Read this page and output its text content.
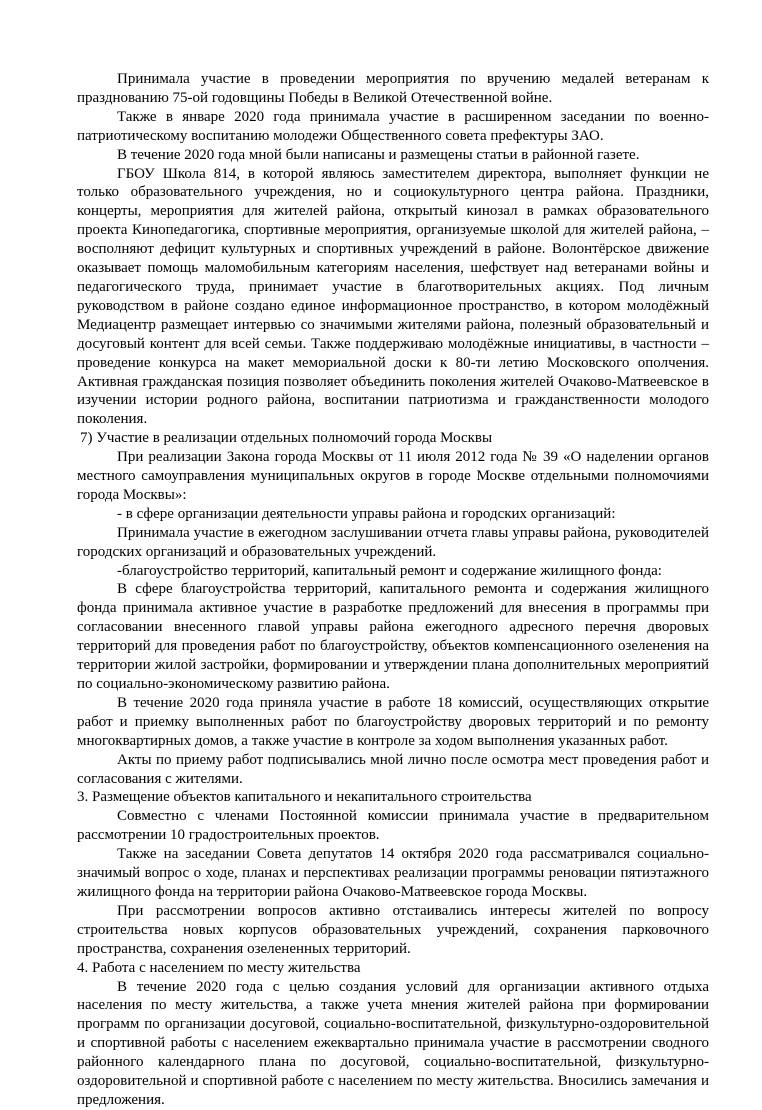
Принимала участие в проведении мероприятия по вручению медалей ветеранам к празднованию 75-ой годовщины Победы в Великой Отечественной войне.

Также в январе 2020 года принимала участие в расширенном заседании по военно-патриотическому воспитанию молодежи Общественного совета префектуры ЗАО.

В течение 2020 года мной были написаны и размещены статьи в районной газете.

ГБОУ Школа 814, в которой являюсь заместителем директора, выполняет функции не только образовательного учреждения, но и социокультурного центра района. Праздники, концерты, мероприятия для жителей района, открытый кинозал в рамках образовательного проекта Кинопедагогика, спортивные мероприятия, организуемые школой для жителей района, – восполняют дефицит культурных и спортивных учреждений в районе. Волонтёрское движение оказывает помощь маломобильным категориям населения, шефствует над ветеранами войны и педагогического труда, принимает участие в благотворительных акциях. Под личным руководством в районе создано единое информационное пространство, в котором молодёжный Медиацентр размещает интервью со значимыми жителями района, полезный образовательный и досуговый контент для всей семьи. Также поддерживаю молодёжные инициативы, в частности – проведение конкурса на макет мемориальной доски к 80-ти летию Московского ополчения. Активная гражданская позиция позволяет объединить поколения жителей Очаково-Матвеевское в изучении истории родного района, воспитании патриотизма и гражданственности молодого поколения.

7) Участие в реализации отдельных полномочий города Москвы

При реализации Закона города Москвы от 11 июля 2012 года № 39 «О наделении органов местного самоуправления муниципальных округов в городе Москве отдельными полномочиями города Москвы»:

- в сфере организации деятельности управы района и городских организаций:

Принимала участие в ежегодном заслушивании отчета главы управы района, руководителей городских организаций и образовательных учреждений.

-благоустройство территорий, капитальный ремонт и содержание жилищного фонда:

В сфере благоустройства территорий, капитального ремонта и содержания жилищного фонда принимала активное участие в разработке предложений для внесения в программы при согласовании внесенного главой управы района ежегодного адресного перечня дворовых территорий для проведения работ по благоустройству, объектов компенсационного озеленения на территории жилой застройки, формировании и утверждении плана дополнительных мероприятий по социально-экономическому развитию района.

В течение 2020 года приняла участие в работе 18 комиссий, осуществляющих открытие работ и приемку выполненных работ по благоустройству дворовых территорий и по ремонту многоквартирных домов, а также участие в контроле за ходом выполнения указанных работ.

Акты по приему работ подписывались мной лично после осмотра мест проведения работ и согласования с жителями.

3. Размещение объектов капитального и некапитального строительства

Совместно с членами Постоянной комиссии принимала участие в предварительном рассмотрении 10 градостроительных проектов.

Также на заседании Совета депутатов 14 октября 2020 года рассматривался социально-значимый вопрос о ходе, планах и перспективах реализации программы реновации пятиэтажного жилищного фонда на территории района Очаково-Матвеевское города Москвы.

При рассмотрении вопросов активно отстаивались интересы жителей по вопросу строительства новых корпусов образовательных учреждений, сохранения парковочного пространства, сохранения озелененных территорий.

4. Работа с населением по месту жительства

В течение 2020 года с целью создания условий для организации активного отдыха населения по месту жительства, а также учета мнения жителей района при формировании программ по организации досуговой, социально-воспитательной, физкультурно-оздоровительной и спортивной работы с населением ежеквартально принимала участие в рассмотрении сводного районного календарного плана по досуговой, социально-воспитательной, физкультурно-оздоровительной и спортивной работе с населением по месту жительства. Вносились замечания и предложения.
